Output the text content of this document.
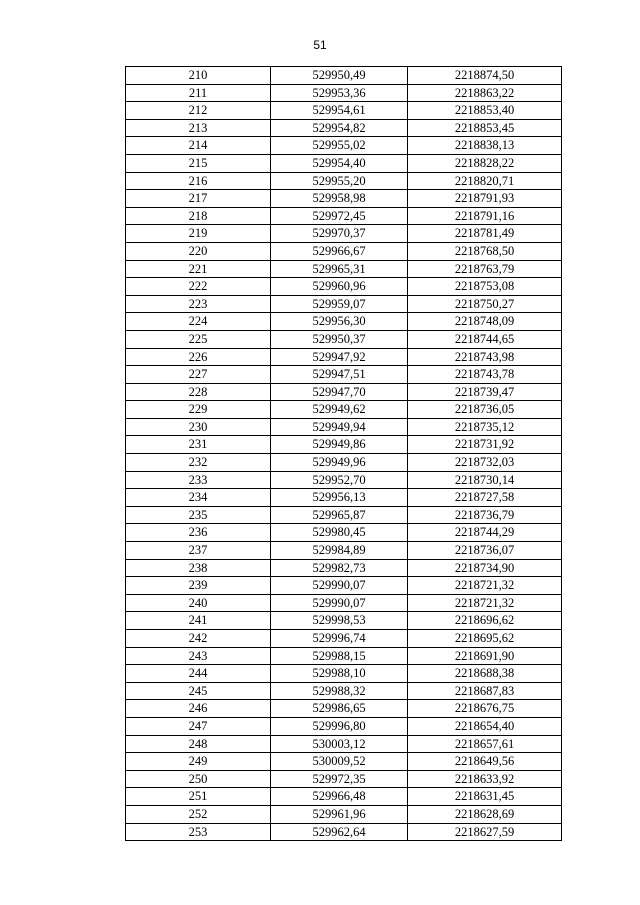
51
210	529950,49	2218874,50
211	529953,36	2218863,22
212	529954,61	2218853,40
213	529954,82	2218853,45
214	529955,02	2218838,13
215	529954,40	2218828,22
216	529955,20	2218820,71
217	529958,98	2218791,93
218	529972,45	2218791,16
219	529970,37	2218781,49
220	529966,67	2218768,50
221	529965,31	2218763,79
222	529960,96	2218753,08
223	529959,07	2218750,27
224	529956,30	2218748,09
225	529950,37	2218744,65
226	529947,92	2218743,98
227	529947,51	2218743,78
228	529947,70	2218739,47
229	529949,62	2218736,05
230	529949,94	2218735,12
231	529949,86	2218731,92
232	529949,96	2218732,03
233	529952,70	2218730,14
234	529956,13	2218727,58
235	529965,87	2218736,79
236	529980,45	2218744,29
237	529984,89	2218736,07
238	529982,73	2218734,90
239	529990,07	2218721,32
240	529990,07	2218721,32
241	529998,53	2218696,62
242	529996,74	2218695,62
243	529988,15	2218691,90
244	529988,10	2218688,38
245	529988,32	2218687,83
246	529986,65	2218676,75
247	529996,80	2218654,40
248	530003,12	2218657,61
249	530009,52	2218649,56
250	529972,35	2218633,92
251	529966,48	2218631,45
252	529961,96	2218628,69
253	529962,64	2218627,59
